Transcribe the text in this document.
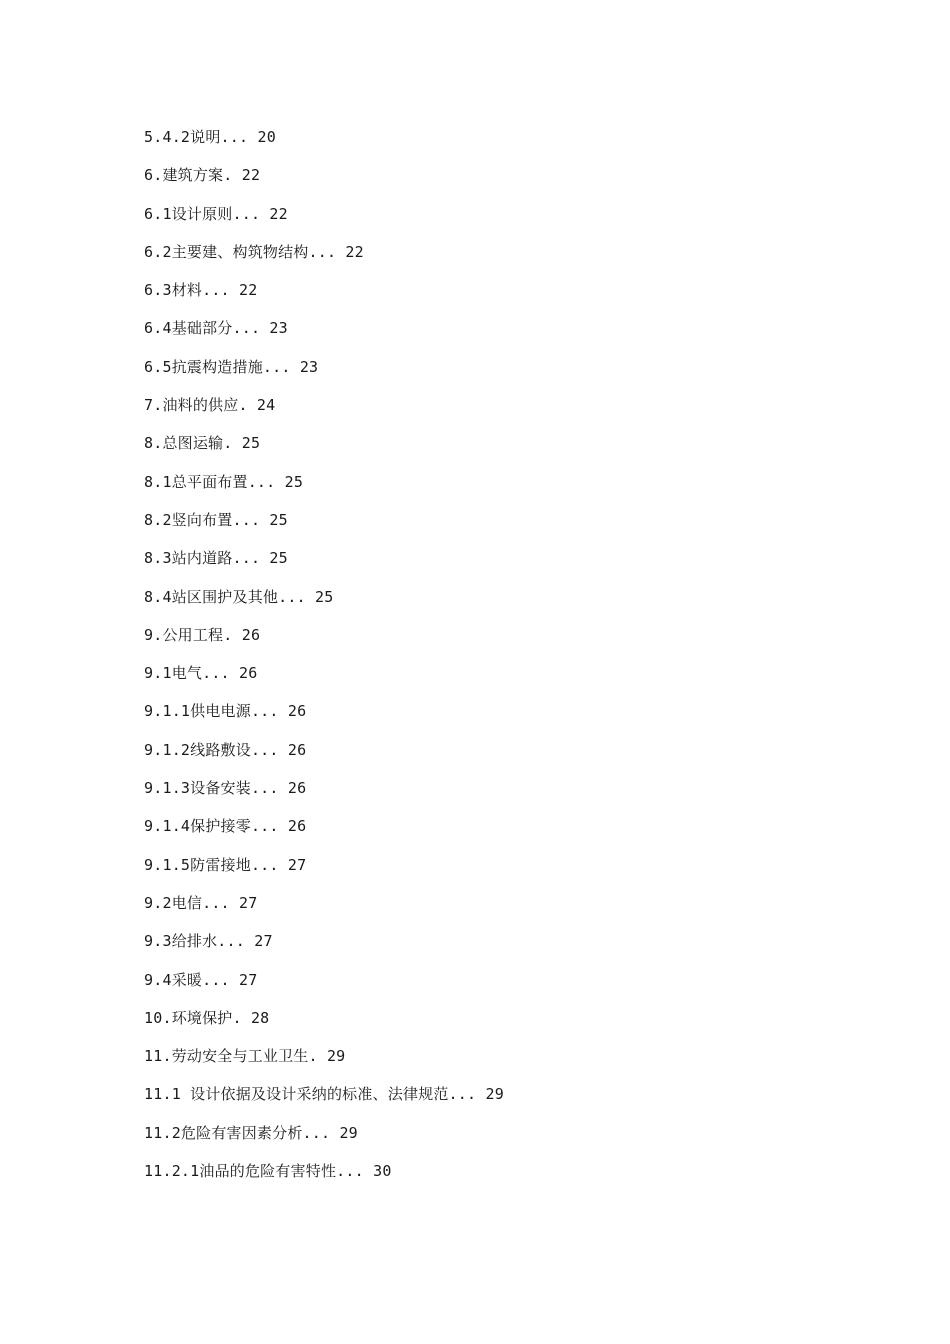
5.4.2说明... 20
6.建筑方案. 22
6.1设计原则... 22
6.2主要建、构筑物结构... 22
6.3材料... 22
6.4基础部分... 23
6.5抗震构造措施... 23
7.油料的供应. 24
8.总图运输. 25
8.1总平面布置... 25
8.2竖向布置... 25
8.3站内道路... 25
8.4站区围护及其他... 25
9.公用工程. 26
9.1电气... 26
9.1.1供电电源... 26
9.1.2线路敷设... 26
9.1.3设备安装... 26
9.1.4保护接零... 26
9.1.5防雷接地... 27
9.2电信... 27
9.3给排水... 27
9.4采暖... 27
10.环境保护. 28
11.劳动安全与工业卫生. 29
11.1 设计依据及设计采纳的标准、法律规范... 29
11.2危险有害因素分析... 29
11.2.1油品的危险有害特性... 30
